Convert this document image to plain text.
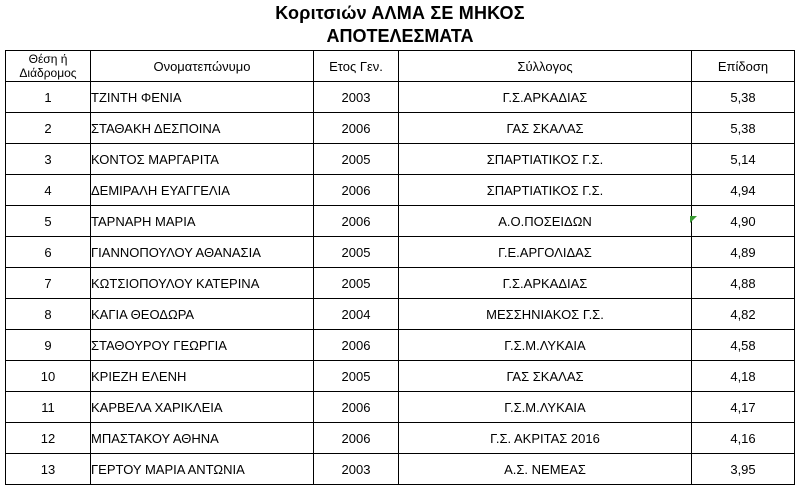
Κοριτσιών ΑΛΜΑ ΣΕ ΜΗΚΟΣ
ΑΠΟΤΕΛΕΣΜΑΤΑ
Θέση ή
Διάδρομος	Ονοματεπώνυμο	Ετος Γεν.	Σύλλογος	Επίδοση
1	ΤΖΙΝΤΗ ΦΕΝΙΑ	2003	Γ.Σ.ΑΡΚΑΔΙΑΣ	5,38
2	ΣΤΑΘΑΚΗ ΔΕΣΠΟΙΝΑ	2006	ΓΑΣ ΣΚΑΛΑΣ	5,38
3	ΚΟΝΤΟΣ ΜΑΡΓΑΡΙΤΑ	2005	ΣΠΑΡΤΙΑΤΙΚΟΣ Γ.Σ.	5,14
4	ΔΕΜΙΡΑΛΗ ΕΥΑΓΓΕΛΙΑ	2006	ΣΠΑΡΤΙΑΤΙΚΟΣ Γ.Σ.	4,94
5	ΤΑΡΝΑΡΗ ΜΑΡΙΑ	2006	Α.Ο.ΠΟΣΕΙΔΩΝ	4,90
6	ΓΙΑΝΝΟΠΟΥΛΟΥ ΑΘΑΝΑΣΙΑ	2005	Γ.Ε.ΑΡΓΟΛΙΔΑΣ	4,89
7	ΚΩΤΣΙΟΠΟΥΛΟΥ ΚΑΤΕΡΙΝΑ	2005	Γ.Σ.ΑΡΚΑΔΙΑΣ	4,88
8	ΚΑΓΙΑ ΘΕΟΔΩΡΑ	2004	ΜΕΣΣΗΝΙΑΚΟΣ Γ.Σ.	4,82
9	ΣΤΑΘΟΥΡΟΥ ΓΕΩΡΓΙΑ	2006	Γ.Σ.Μ.ΛΥΚΑΙΑ	4,58
10	ΚΡΙΕΖΗ ΕΛΕΝΗ	2005	ΓΑΣ ΣΚΑΛΑΣ	4,18
11	ΚΑΡΒΕΛΑ ΧΑΡΙΚΛΕΙΑ	2006	Γ.Σ.Μ.ΛΥΚΑΙΑ	4,17
12	ΜΠΑΣΤΑΚΟΥ ΑΘΗΝΑ	2006	Γ.Σ. ΑΚΡΙΤΑΣ 2016	4,16
13	ΓΕΡΤΟΥ ΜΑΡΙΑ ΑΝΤΩΝΙΑ	2003	Α.Σ. ΝΕΜΕΑΣ	3,95
